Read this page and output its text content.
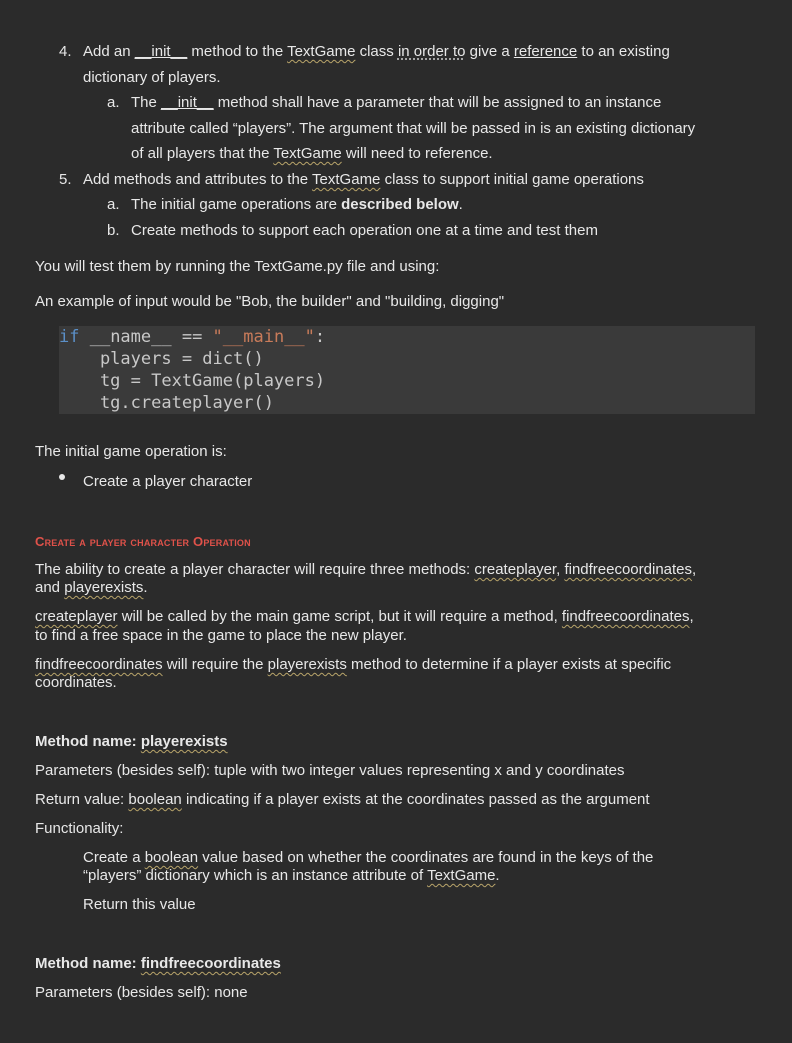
4. Add an __init__ method to the TextGame class in order to give a reference to an existing
dictionary of players.
a. The __init__ method shall have a parameter that will be assigned to an instance
attribute called “players”. The argument that will be passed in is an existing dictionary
of all players that the TextGame will need to reference.
5. Add methods and attributes to the TextGame class to support initial game operations
a. The initial game operations are described below.
b. Create methods to support each operation one at a time and test them
You will test them by running the TextGame.py file and using:
An example of input would be "Bob, the builder" and "building, digging"
if __name__ == "__main__":
players = dict()
tg = TextGame(players)
tg.createplayer()
The initial game operation is:
Create a player character
Create a player character Operation
The ability to create a player character will require three methods: createplayer, findfreecoordinates,
and playerexists.
createplayer will be called by the main game script, but it will require a method, findfreecoordinates,
to find a free space in the game to place the new player.
findfreecoordinates will require the playerexists method to determine if a player exists at specific
coordinates.
Method name: playerexists
Parameters (besides self): tuple with two integer values representing x and y coordinates
Return value: boolean indicating if a player exists at the coordinates passed as the argument
Functionality:
Create a boolean value based on whether the coordinates are found in the keys of the
“players” dictionary which is an instance attribute of TextGame.
Return this value
Method name: findfreecoordinates
Parameters (besides self): none
